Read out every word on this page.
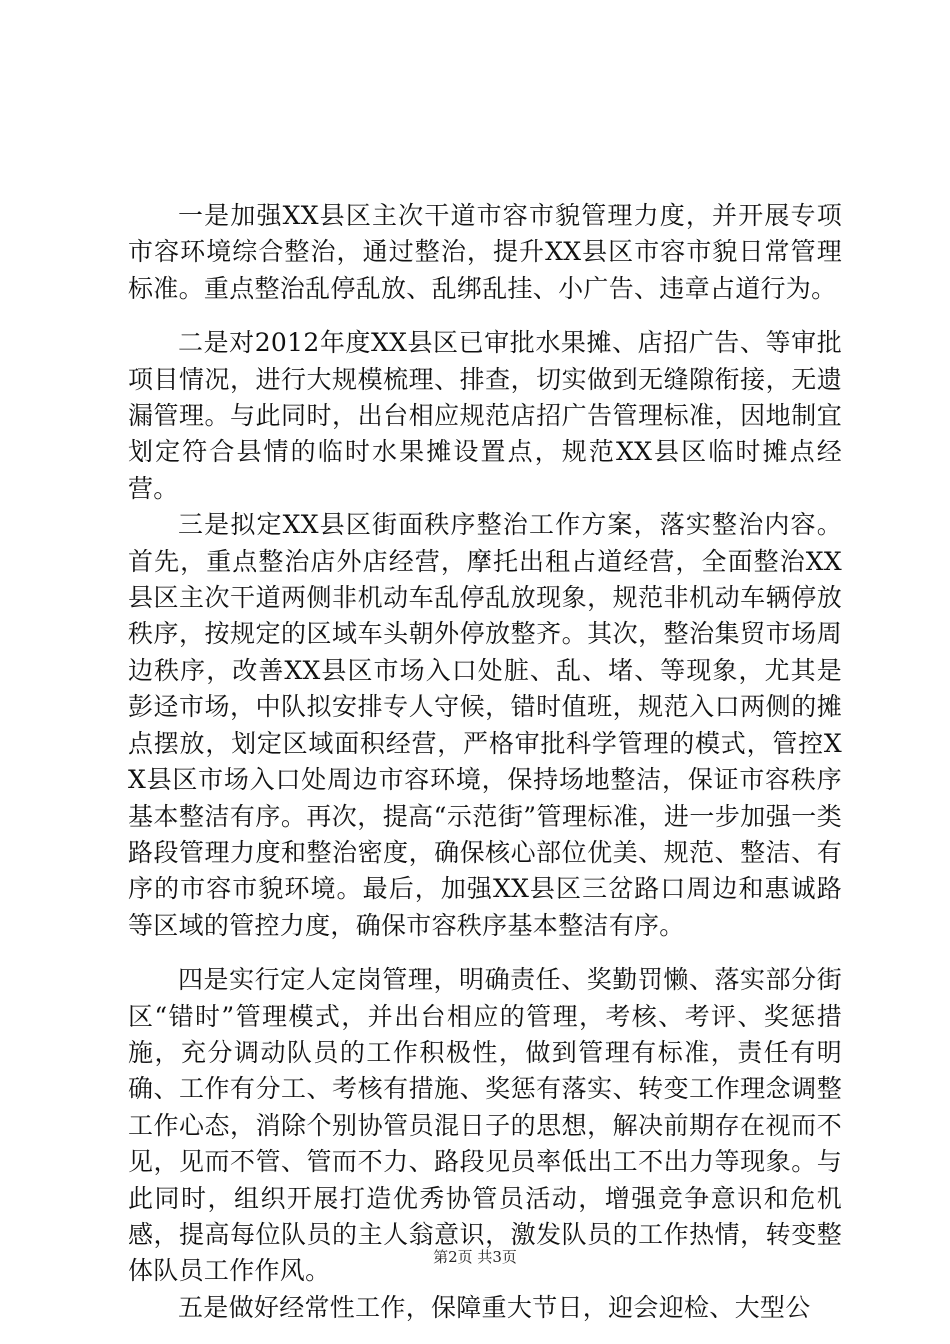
一是加强XX县区主次干道市容市貌管理力度，并开展专项市容环境综合整治，通过整治，提升XX县区市容市貌日常管理标准。重点整治乱停乱放、乱绑乱挂、小广告、违章占道行为。

二是对2012年度XX县区已审批水果摊、店招广告、等审批项目情况，进行大规模梳理、排查，切实做到无缝隙衔接，无遗漏管理。与此同时，出台相应规范店招广告管理标准，因地制宜划定符合县情的临时水果摊设置点，规范XX县区临时摊点经营。

三是拟定XX县区街面秩序整治工作方案，落实整治内容。首先，重点整治店外店经营，摩托出租占道经营，全面整治XX县区主次干道两侧非机动车乱停乱放现象，规范非机动车辆停放秩序，按规定的区域车头朝外停放整齐。其次，整治集贸市场周边秩序，改善XX县区市场入口处脏、乱、堵、等现象，尤其是彭迳市场，中队拟安排专人守候，错时值班，规范入口两侧的摊点摆放，划定区域面积经营，严格审批科学管理的模式，管控XX县区市场入口处周边市容环境，保持场地整洁，保证市容秩序基本整洁有序。再次，提高“示范街”管理标准，进一步加强一类路段管理力度和整治密度，确保核心部位优美、规范、整洁、有序的市容市貌环境。最后，加强XX县区三岔路口周边和惠诚路等区域的管控力度，确保市容秩序基本整洁有序。

四是实行定人定岗管理，明确责任、奖勤罚懒、落实部分街区“错时”管理模式，并出台相应的管理，考核、考评、奖惩措施，充分调动队员的工作积极性，做到管理有标准，责任有明确、工作有分工、考核有措施、奖惩有落实、转变工作理念调整工作心态，消除个别协管员混日子的思想，解决前期存在视而不见，见而不管、管而不力、路段见员率低出工不出力等现象。与此同时，组织开展打造优秀协管员活动，增强竞争意识和危机感，提高每位队员的主人翁意识，激发队员的工作热情，转变整体队员工作作风。

五是做好经常性工作，保障重大节日，迎会迎检、大型公

第2页 共3页
